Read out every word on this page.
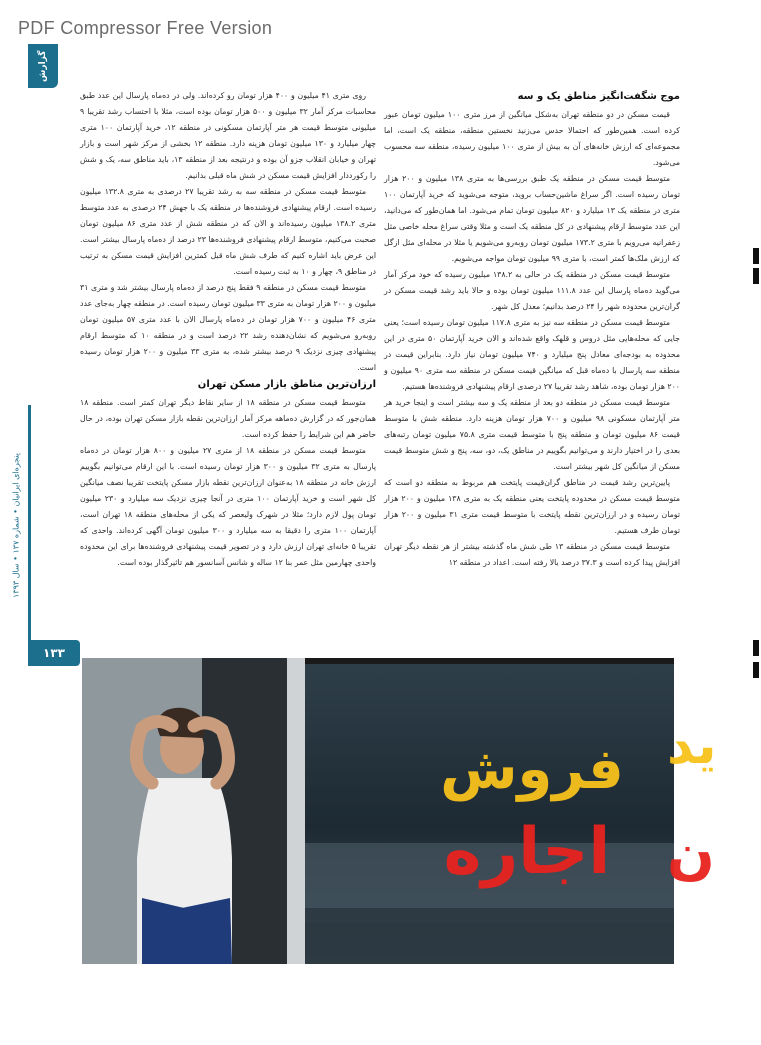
PDF Compressor Free Version
گزارش
پنجره‌ای ایرانیان • شماره ۱۳۷ • سال ۱۳۹۳
۱۳۳
موج شگفت‌انگیز مناطق یک و سه

قیمت مسکن در دو منطقه تهران به‌شکل میانگین از مرز متری ۱۰۰ میلیون تومان عبور کرده است. همین‌طور که احتمالا حدس می‌زنید نخستین منطقه، منطقه یک است، اما مجموعه‌ای که ارزش خانه‌های آن به بیش از متری ۱۰۰ میلیون رسیده، منطقه سه محسوب می‌شود.

متوسط قیمت مسکن در منطقه یک طبق بررسی‌ها به متری ۱۳۸ میلیون و ۲۰۰ هزار تومان رسیده است. اگر سراغ ماشین‌حساب بروید، متوجه می‌شوید که خرید آپارتمان ۱۰۰ متری در منطقه یک ۱۳ میلیارد و ۸۲۰ میلیون تومان تمام می‌شود. اما همان‌طور که می‌دانید، این عدد متوسط ارقام پیشنهادی در کل منطقه یک است و مثلا وقتی سراغ محله خاصی مثل زعفرانیه می‌رویم با متری ۱۷۳.۲ میلیون تومان روبه‌رو می‌شویم یا مثلا در محله‌ای مثل ازگل که ارزش ملک‌ها کمتر است، با متری ۹۹ میلیون تومان مواجه می‌شویم.

متوسط قیمت مسکن در منطقه یک در حالی به ۱۳۸.۲ میلیون رسیده که خود مرکز آمار می‌گوید ده‌ماه پارسال این عدد ۱۱۱.۸ میلیون تومان بوده و حالا باید رشد قیمت مسکن در گران‌ترین محدوده شهر را ۲۴ درصد بدانیم؛ معدل کل شهر.

متوسط قیمت مسکن در منطقه سه نیز به متری ۱۱۷.۸ میلیون تومان رسیده است؛ یعنی جایی که محله‌هایی مثل دروس و قلهک واقع شده‌اند و الان خرید آپارتمان ۵۰ متری در این محدوده به بودجه‌ای معادل پنج میلیارد و ۷۴۰ میلیون تومان نیاز دارد. بنابراین قیمت در منطقه سه پارسال با ده‌ماه قبل که میانگین قیمت مسکن در منطقه سه متری ۹۰ میلیون و ۲۰۰ هزار تومان بوده، شاهد رشد تقریبا ۲۷ درصدی ارقام پیشنهادی فروشنده‌ها هستیم.

متوسط قیمت مسکن در منطقه دو بعد از منطقه یک و سه بیشتر است و اینجا خرید هر متر آپارتمان مسکونی ۹۸ میلیون و ۷۰۰ هزار تومان هزینه دارد. منطقه شش با متوسط قیمت ۸۶ میلیون تومان و منطقه پنج با متوسط قیمت متری ۷۵.۸ میلیون تومان رتبه‌های بعدی را در اختیار دارند و می‌توانیم بگوییم در مناطق یک، دو، سه، پنج و شش متوسط قیمت مسکن از میانگین کل شهر بیشتر است.

پایین‌ترین رشد قیمت در مناطق گران‌قیمت پایتخت هم مربوط به منطقه دو است که متوسط قیمت مسکن در محدوده پایتخت یعنی منطقه یک به متری ۱۳۸ میلیون و ۲۰۰ هزار تومان رسیده و در ارزان‌ترین نقطه پایتخت با متوسط قیمت متری ۳۱ میلیون و ۲۰۰ هزار تومان طرف هستیم.

متوسط قیمت مسکن در منطقه ۱۳ طی شش ماه گذشته بیشتر از هر نقطه دیگر تهران افزایش پیدا کرده است و ۳۷.۳ درصد بالا رفته است. اعداد در منطقه ۱۲

روی متری ۴۱ میلیون و ۴۰۰ هزار تومان رو کرده‌اند. ولی در ده‌ماه پارسال این عدد طبق محاسبات مرکز آمار ۳۲ میلیون و ۵۰۰ هزار تومان بوده است، مثلا با احتساب رشد تقریبا ۹ میلیونی متوسط قیمت هر متر آپارتمان مسکونی در منطقه ۱۲، خرید آپارتمان ۱۰۰ متری چهار میلیارد و ۱۳۰ میلیون تومان هزینه دارد. منطقه ۱۲ بخشی از مرکز شهر است و بازار تهران و خیابان انقلاب جزو آن بوده و درنتیجه بعد از منطقه ۱۳، باید مناطق سه، یک و شش را رکورددار افزایش قیمت مسکن در شش ماه قبلی بدانیم.

متوسط قیمت مسکن در منطقه سه به رشد تقریبا ۲۷ درصدی به متری ۱۳۲.۸ میلیون رسیده است. ارقام پیشنهادی فروشنده‌ها در منطقه یک با جهش ۲۴ درصدی به عدد متوسط متری ۱۳۸.۲ میلیون رسیده‌اند و الان که در منطقه شش از عدد متری ۸۶ میلیون تومان صحبت می‌کنیم، متوسط ارقام پیشنهادی فروشنده‌ها ۲۳ درصد از ده‌ماه پارسال بیشتر است. این عرض باید اشاره کنیم که طرف شش ماه قبل کمترین افزایش قیمت مسکن به ترتیب در مناطق ۹، چهار و ۱۰ به ثبت رسیده است.

متوسط قیمت مسکن در منطقه ۹ فقط پنج درصد از ده‌ماه پارسال بیشتر شد و متری ۳۱ میلیون و ۲۰۰ هزار تومان به متری ۳۳ میلیون تومان رسیده است. در منطقه چهار به‌جای عدد متری ۴۶ میلیون و ۷۰۰ هزار تومان در ده‌ماه پارسال الان با عدد متری ۵۷ میلیون تومان روبه‌رو می‌شویم که نشان‌دهنده رشد ۲۲ درصد است و در منطقه ۱۰ که متوسط ارقام پیشنهادی چیزی نزدیک ۹ درصد بیشتر شده، به متری ۳۳ میلیون و ۲۰۰ هزار تومان رسیده است.

ارزان‌ترین مناطق بازار مسکن تهران

متوسط قیمت مسکن در منطقه ۱۸ از سایر نقاط دیگر تهران کمتر است. منطقه ۱۸ همان‌جور که در گزارش ده‌ماهه مرکز آمار ارزان‌ترین نقطه بازار مسکن تهران بوده، در حال حاضر هم این شرایط را حفظ کرده است.

متوسط قیمت مسکن در منطقه ۱۸ از متری ۲۷ میلیون و ۸۰۰ هزار تومان در ده‌ماه پارسال به متری ۳۲ میلیون و ۳۰۰ هزار تومان رسیده است. با این ارقام می‌توانیم بگوییم ارزش خانه در منطقه ۱۸ به‌عنوان ارزان‌ترین نقطه بازار مسکن پایتخت تقریبا نصف میانگین کل شهر است و خرید آپارتمان ۱۰۰ متری در آنجا چیزی نزدیک سه میلیارد و ۲۳۰ میلیون تومان پول لازم دارد؛ مثلا در شهرک ولیعصر که یکی از محله‌های منطقه ۱۸ تهران است، آپارتمان ۱۰۰ متری را دقیقا به سه میلیارد و ۳۰۰ میلیون تومان آگهی کرده‌اند. واحدی که تقریبا ۵ خانه‌ای تهران ارزش دارد و در تصویر قیمت پیشنهادی فروشنده‌ها برای این محدوده واحدی چهارمین مثل عمر بنا ۱۲ ساله و شانس آسانسور هم تاثیرگذار بوده است.

فروش
اجاره
ید
ن
